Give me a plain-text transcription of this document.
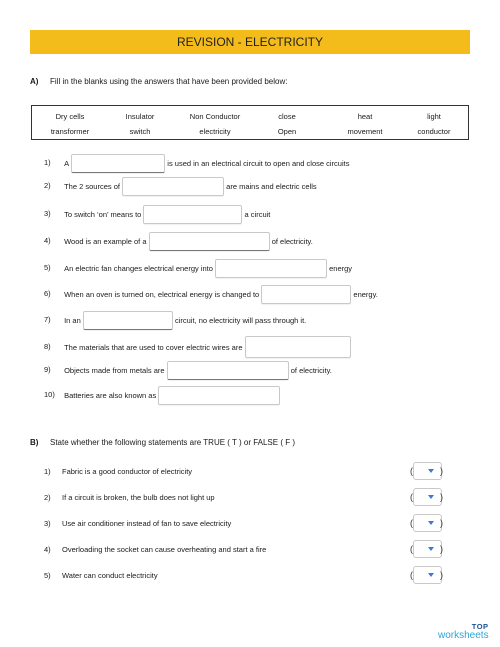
REVISION - ELECTRICITY
A) Fill in the blanks using the answers that have been provided below:
Dry cells	Insulator	Non Conductor	close	heat	light
transformer	switch	electricity	Open	movement	conductor
1) A	is used in an electrical circuit to open and close circuits
2) The 2 sources of	are mains and electric cells
3) To switch ‘on’ means to	a circuit
4) Wood is an example of a	of electricity.
5) An electric fan changes electrical energy into	energy
6) When an oven is turned on, electrical energy is changed to	energy.
7) In an	circuit, no electricity will pass through it.
8) The materials that are used to cover electric wires are
9) Objects made from metals are	of electricity.
10) Batteries are also known as
B) State whether the following statements are TRUE ( T ) or FALSE ( F )
1) Fabric is a good conductor of electricity
2) If a circuit is broken, the bulb does not light up
3) Use air conditioner instead of fan to save electricity
4) Overloading the socket can cause overheating and start a fire
5) Water can conduct electricity
(	)
(	)
(	)
(	)
(	)
TOP
worksheets
